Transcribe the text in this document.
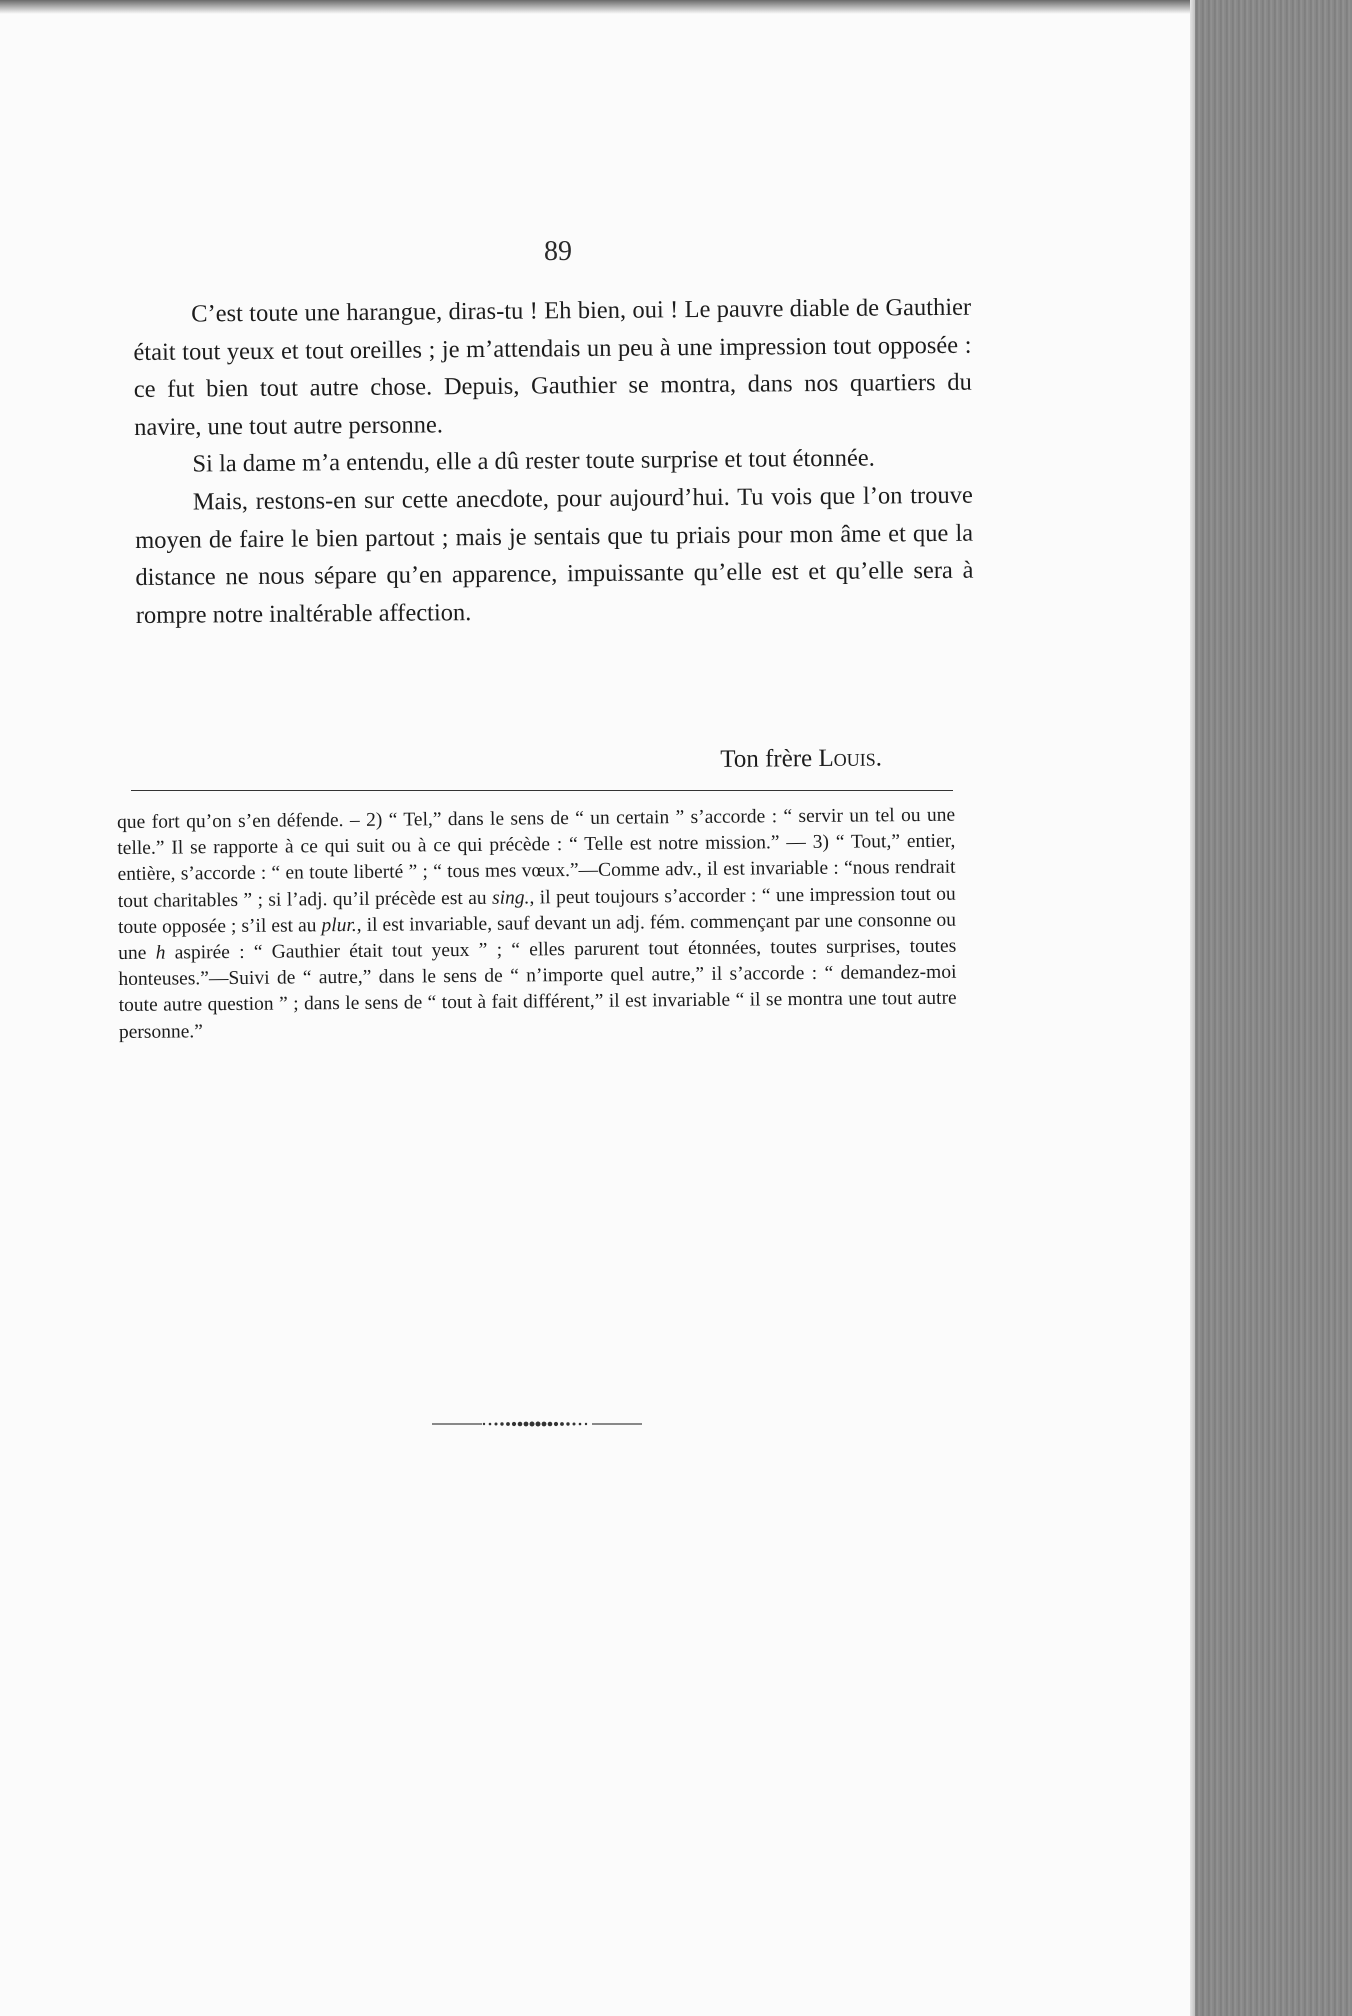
89

C’est toute une harangue, diras-tu ! Eh bien, oui ! Le pauvre diable de Gauthier était tout yeux et tout oreilles ; je m’attendais un peu à une impression tout opposée : ce fut bien tout autre chose. Depuis, Gauthier se montra, dans nos quartiers du navire, une tout autre personne.

Si la dame m’a entendu, elle a dû rester toute surprise et tout étonnée.

Mais, restons-en sur cette anecdote, pour aujourd’hui. Tu vois que l’on trouve moyen de faire le bien partout ; mais je sentais que tu priais pour mon âme et que la distance ne nous sépare qu’en apparence, impuissante qu’elle est et qu’elle sera à rompre notre inaltérable affection.

Ton frère Louis.
que fort qu’on s’en défende. – 2) “ Tel,” dans le sens de “ un certain ” s’accorde : “ servir un tel ou une telle.” Il se rapporte à ce qui suit ou à ce qui précède : “ Telle est notre mission.” — 3) “ Tout,” entier, entière, s’accorde : “ en toute liberté ” ; “ tous mes vœux.”—Comme adv., il est invariable : “nous rendrait tout charitables ” ; si l’adj. qu’il précède est au sing., il peut toujours s’accorder : “ une impression tout ou toute opposée ; s’il est au plur., il est invariable, sauf devant un adj. fém. commençant par une consonne ou une h aspirée : “ Gauthier était tout yeux ” ; “ elles parurent tout étonnées, toutes surprises, toutes honteuses.”—Suivi de “ autre,” dans le sens de “ n’importe quel autre,” il s’accorde : “ demandez-moi toute autre question ” ; dans le sens de “ tout à fait différent,” il est invariable “ il se montra une tout autre personne.”
